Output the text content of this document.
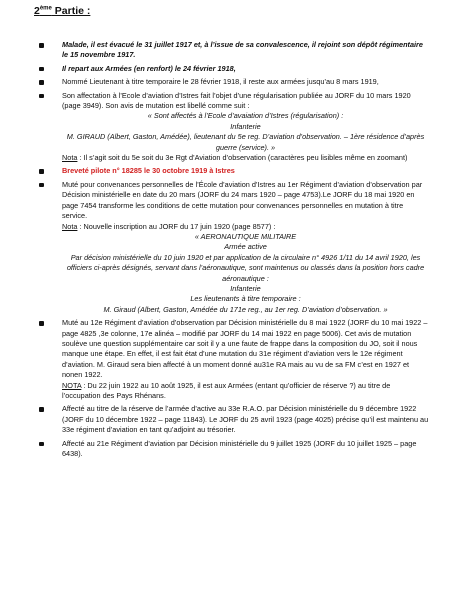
2ème Partie :
Malade, il est évacué le 31 juillet 1917 et, à l’issue de sa convalescence, il rejoint son dépôt régimentaire le 15 novembre 1917.
Il repart aux Armées (en renfort) le 24 février 1918,
Nommé Lieutenant à titre temporaire le 28 février 1918, il reste aux armées jusqu’au 8 mars 1919,
Son affectation à l’Ecole d’aviation d’Istres fait l’objet d’une régularisation publiée au JORF du 10 mars 1920 (page 3949). Son avis de mutation est libellé comme suit :
« Sont affectés à l’Ecole d’avaiation d’Istres (régularisation) :
Infanterie
M. GIRAUD (Albert, Gaston, Amédée), lieutenant du 5e reg. D’aviation d’observation. – 1ère résidence d’après guerre (service). »
Nota : Il s’agit soit du 5e soit du 3e Rgt d’Aviation d’observation (caractères peu lisibles même en zoomant)
Breveté pilote n° 18285 le 30 octobre 1919 à Istres
Muté pour convenances personnelles de l’École d’aviation d’Istres au 1er Régiment d’aviation d’observation par Décision ministérielle en date du 20 mars (JORF du 24 mars 1920 – page 4753).Le JORF du 18 mai 1920 en page 7454 transforme les conditions de cette mutation pour convenances personnelles en mutation à titre service.
Nota : Nouvelle inscription au JORF du 17 juin 1920 (page 8577) :
« AERONAUTIQUE MILITAIRE
Armée active
Par décision ministérielle du 10 juin 1920 et par application de la circulaire n° 4926 1/11 du 14 avril 1920, les officiers ci-après désignés, servant dans l’aéronautique, sont maintenus ou classés dans la position hors cadre aéronautique :
Infanterie
Les lieutenants à titre temporaire :
M. Giraud (Albert, Gaston, Amédée du 171e reg., au 1er reg. D’aviation d’observation. »
Muté au 12e Régiment d’aviation d’observation par Décision ministérielle du 8 mai 1922 (JORF du 10 mai 1922 – page 4825 ,3e colonne, 17e alinéa – modifié par JORF du 14 mai 1922 en page 5006). Cet avis de mutation soulève une question supplémentaire car soit il y a une faute de frappe dans la composition du JO, soit il nous manque une étape. En effet, il est fait état d’une mutation du 31e régiment d’aviation vers le 12e régiment d’aviation. M. Giraud sera bien affecté à un moment donné au31e RA mais au vu de sa FM c’est en 1927 et nonen 1922.
NOTA : Du 22 juin 1922 au 10 août 1925, il est aux Armées (entant qu’officier de réserve ?) au titre de l’occupation des Pays Rhénans.
Affecté au titre de la réserve de l’armée d’active au 33e R.A.O. par Décision ministérielle du 9 décembre 1922 (JORF du 10 décembre 1922 – page 11843). Le JORF du 25 avril 1923 (page 4025) précise qu’il est maintenu au 33e régiment d’aviation en tant qu’adjoint au trésorier.
Affecté au 21e Régiment d’aviation par Décision ministérielle du 9 juillet 1925 (JORF du 10 juillet 1925 – page 6438).
